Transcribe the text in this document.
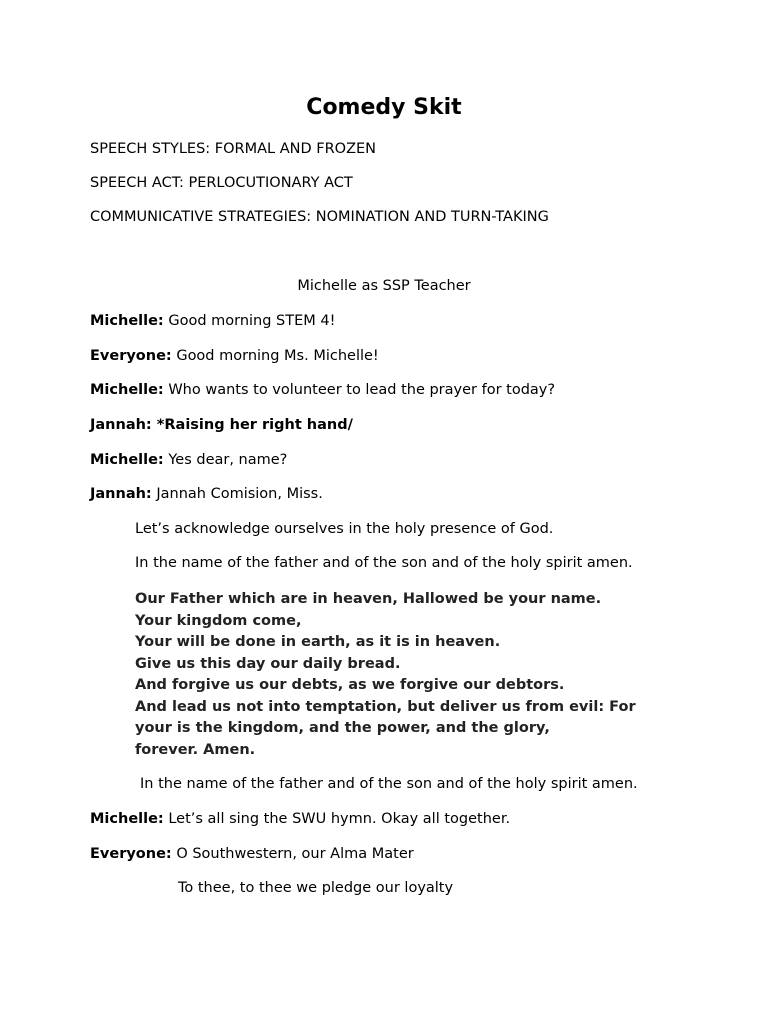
Comedy Skit
SPEECH STYLES: FORMAL AND FROZEN
SPEECH ACT: PERLOCUTIONARY ACT
COMMUNICATIVE STRATEGIES: NOMINATION AND TURN-TAKING
Michelle as SSP Teacher
Michelle: Good morning STEM 4!
Everyone: Good morning Ms. Michelle!
Michelle: Who wants to volunteer to lead the prayer for today?
Jannah: *Raising her right hand/
Michelle: Yes dear, name?
Jannah: Jannah Comision, Miss.
Let’s acknowledge ourselves in the holy presence of God.
In the name of the father and of the son and of the holy spirit amen.
Our Father which are in heaven, Hallowed be your name.
Your kingdom come,
Your will be done in earth, as it is in heaven.
Give us this day our daily bread.
And forgive us our debts, as we forgive our debtors.
And lead us not into temptation, but deliver us from evil: For
your is the kingdom, and the power, and the glory,
forever. Amen.
In the name of the father and of the son and of the holy spirit amen.
Michelle: Let’s all sing the SWU hymn. Okay all together.
Everyone: O Southwestern, our Alma Mater
To thee, to thee we pledge our loyalty
